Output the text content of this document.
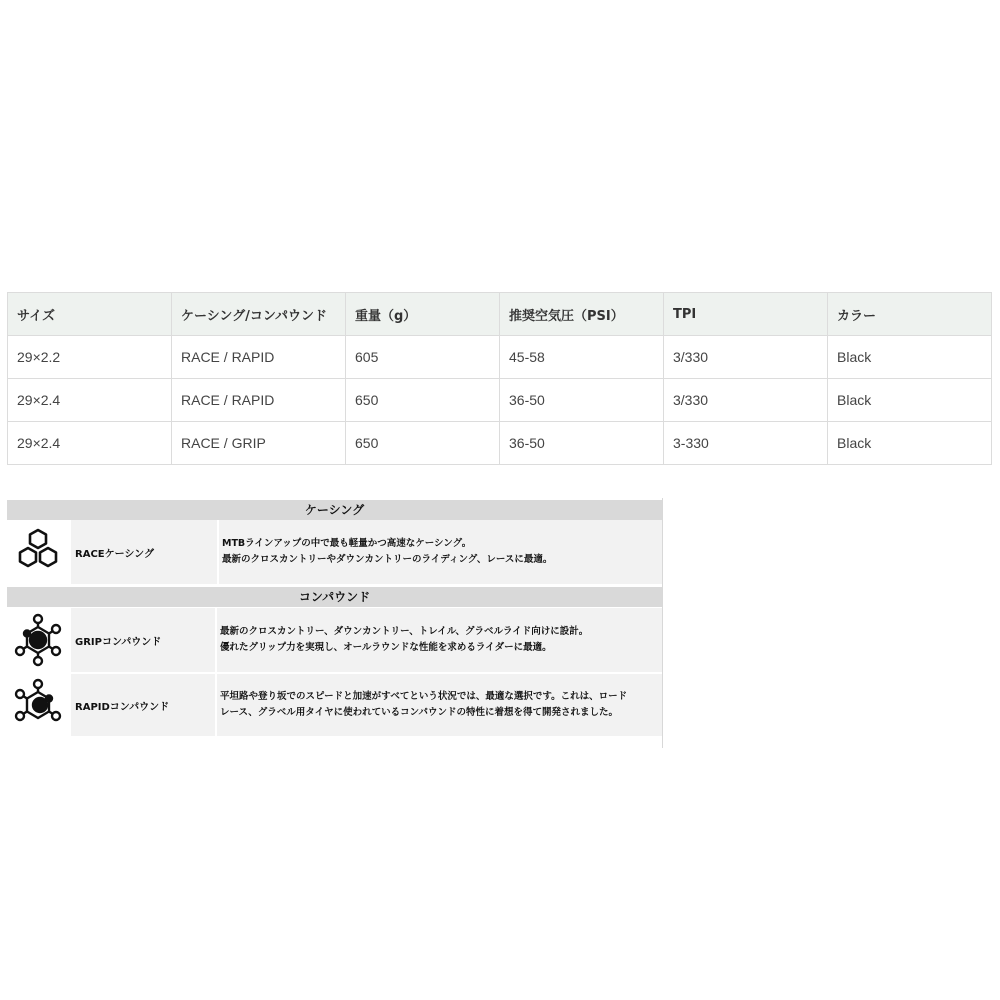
サイズ	ケーシング/コンパウンド	重量（g）	推奨空気圧（PSI）	TPI	カラー
29×2.2	RACE / RAPID	605	45-58	3/330	Black
29×2.4	RACE / RAPID	650	36-50	3/330	Black
29×2.4	RACE / GRIP	650	36-50	3-330	Black
ケーシング
RACEケーシング
MTBラインアップの中で最も軽量かつ高速なケーシング。
最新のクロスカントリーやダウンカントリーのライディング、レースに最適。
コンパウンド
GRIPコンパウンド
最新のクロスカントリー、ダウンカントリー、トレイル、グラベルライド向けに設計。
優れたグリップ力を実現し、オールラウンドな性能を求めるライダーに最適。
RAPIDコンパウンド
平坦路や登り坂でのスピードと加速がすべてという状況では、最適な選択です。これは、ロード
レース、グラベル用タイヤに使われているコンパウンドの特性に着想を得て開発されました。
